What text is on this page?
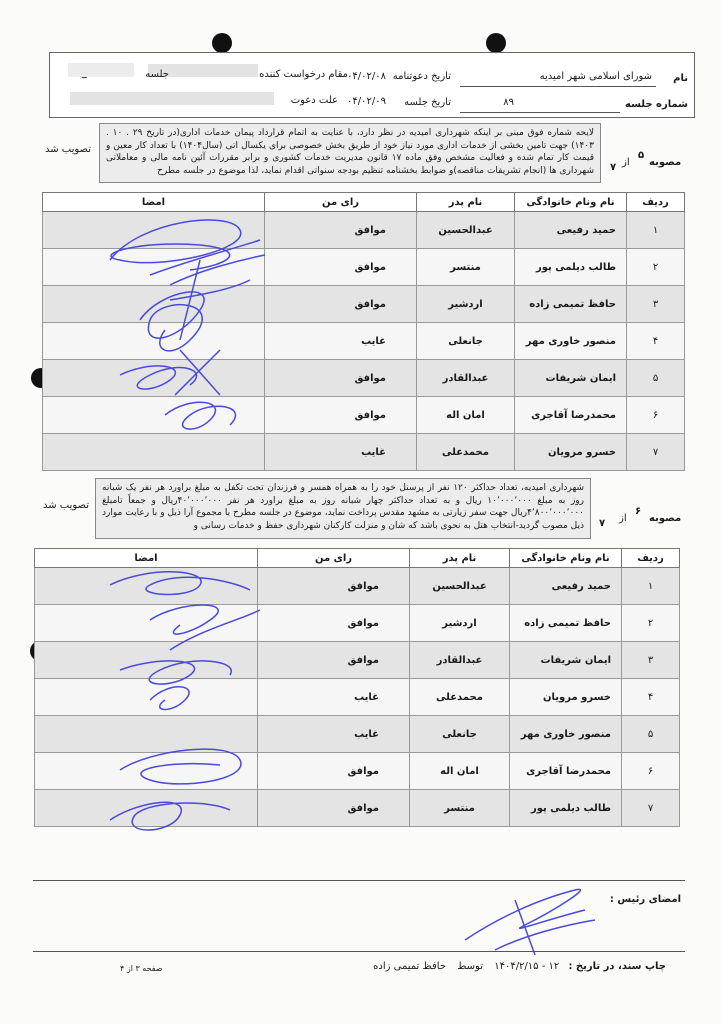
نام
شورای اسلامی شهر امیدیه
شماره جلسه
۸۹
تاریخ دعوتنامه
۰۴/۰۲/۰۸
تاریخ جلسه
۰۴/۰۲/۰۹
مقام درخواست کننده
علت دعوت
جلسه
مصوبه
۵
از
۷
لایحه شماره فوق مبنی بر اینکه شهرداری امیدیه در نظر دارد، با عنایت به اتمام قرارداد پیمان خدمات اداری(در تاریخ ۲۹ . ۱۰ . ۱۴۰۳) جهت تامین بخشی از خدمات اداری مورد نیاز خود از طریق بخش خصوصی برای یکسال اتی (سال۱۴۰۴) با تعداد کار معین و قیمت کار تمام شده و فعالیت مشخص وفق ماده ۱۷ قانون مدیریت خدمات کشوری و برابر مقررات آئین نامه مالی و معاملاتی شهرداری ها (انجام تشریفات مناقصه)و ضوابط بخشنامه تنظیم بودجه سنواتی اقدام نماید، لذا موضوع در جلسه مطرح
تصویب شد
ردیف	نام ونام خانوادگی	نام پدر	رای من	امضا
۱	حمید رفیعی	عبدالحسین	موافق	
۲	طالب دیلمی پور	منتسر	موافق	
۳	حافظ تمیمی زاده	اردشیر	موافق	
۴	منصور خاوری مهر	جانعلی	غایب	
۵	ایمان شریفات	عبدالقادر	موافق	
۶	محمدرضا آقاجری	امان اله	موافق	
۷	خسرو مرویان	محمدعلی	غایب	
مصوبه
۶
از
۷
شهرداری امیدیه، تعداد حداکثر ۱۲۰ نفر از پرسنل خود را به همراه همسر و فرزندان تحت تکفل به مبلغ براورد هر نفر یک شبانه روز به مبلغ ۱۰٬۰۰۰٬۰۰۰ ریال و به تعداد حداکثر چهار شبانه روز به مبلغ براورد هر نفر ۴۰٬۰۰۰٬۰۰۰ریال و جمعاً تامبلغ ۴٬۸۰۰٬۰۰۰٬۰۰۰ریال جهت سفر زیارتی به مشهد مقدس پرداخت نماید، موضوع در جلسه مطرح با مجموع آرا ذیل و با رعایت موارد ذیل مصوب گردید-انتخاب هتل به نحوی باشد که شان و منزلت کارکنان شهرداری حفظ و خدمات رسانی و
تصویب شد
ردیف	نام ونام خانوادگی	نام پدر	رای من	امضا
۱	حمید رفیعی	عبدالحسین	موافق	
۲	حافظ تمیمی زاده	اردشیر	موافق	
۳	ایمان شریفات	عبدالقادر	موافق	
۴	خسرو مرویان	محمدعلی	غایب	
۵	منصور خاوری مهر	جانعلی	غایب	
۶	محمدرضا آقاجری	امان اله	موافق	
۷	طالب دیلمی پور	منتسر	موافق	
امضای رئیس :
چاپ سند، در تاریخ : ۱۲ - ۱۴۰۴/۲/۱۵ توسط حافظ تمیمی زاده
صفحه ۳ از ۴
